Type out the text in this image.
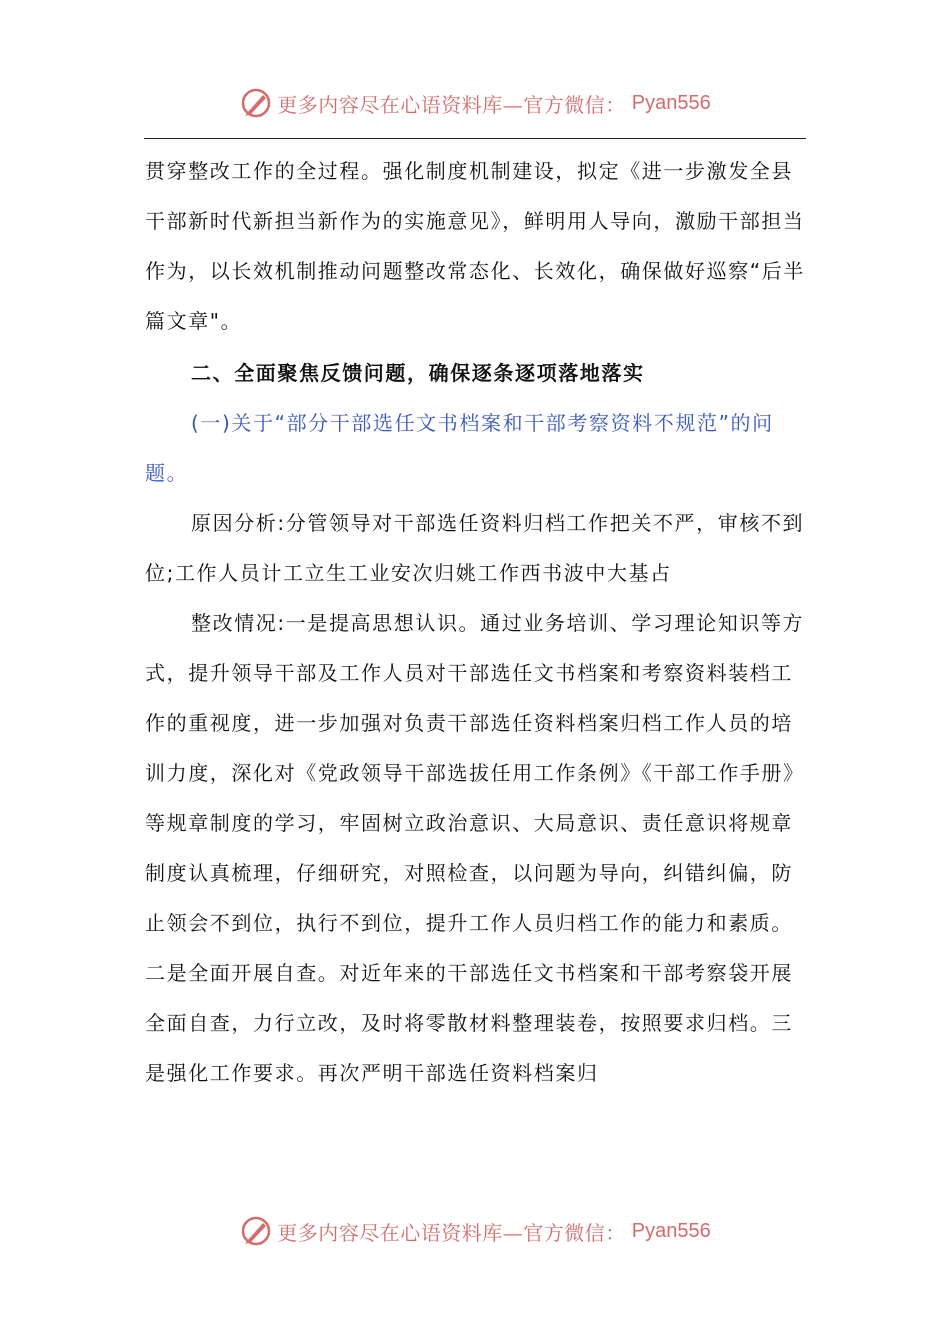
更多内容尽在心语资料库—官方微信： Pyan556

贯穿整改工作的全过程。强化制度机制建设，拟定《进一步激发全县干部新时代新担当新作为的实施意见》，鲜明用人导向，激励干部担当作为，以长效机制推动问题整改常态化、长效化，确保做好巡察“后半篇文章"。

二、全面聚焦反馈问题，确保逐条逐项落地落实

(一)关于“部分干部选任文书档案和干部考察资料不规范”的问题。

原因分析:分管领导对干部选任资料归档工作把关不严，审核不到位;工作人员计工立生工业安次归姚工作西书波中大基占

整改情况:一是提高思想认识。通过业务培训、学习理论知识等方式，提升领导干部及工作人员对干部选任文书档案和考察资料装档工作的重视度，进一步加强对负责干部选任资料档案归档工作人员的培训力度，深化对《党政领导干部选拔任用工作条例》《干部工作手册》等规章制度的学习，牢固树立政治意识、大局意识、责任意识将规章制度认真梳理，仔细研究，对照检查，以问题为导向，纠错纠偏，防止领会不到位，执行不到位，提升工作人员归档工作的能力和素质。二是全面开展自查。对近年来的干部选任文书档案和干部考察袋开展全面自查，力行立改，及时将零散材料整理装卷，按照要求归档。三是强化工作要求。再次严明干部选任资料档案归

更多内容尽在心语资料库—官方微信： Pyan556
